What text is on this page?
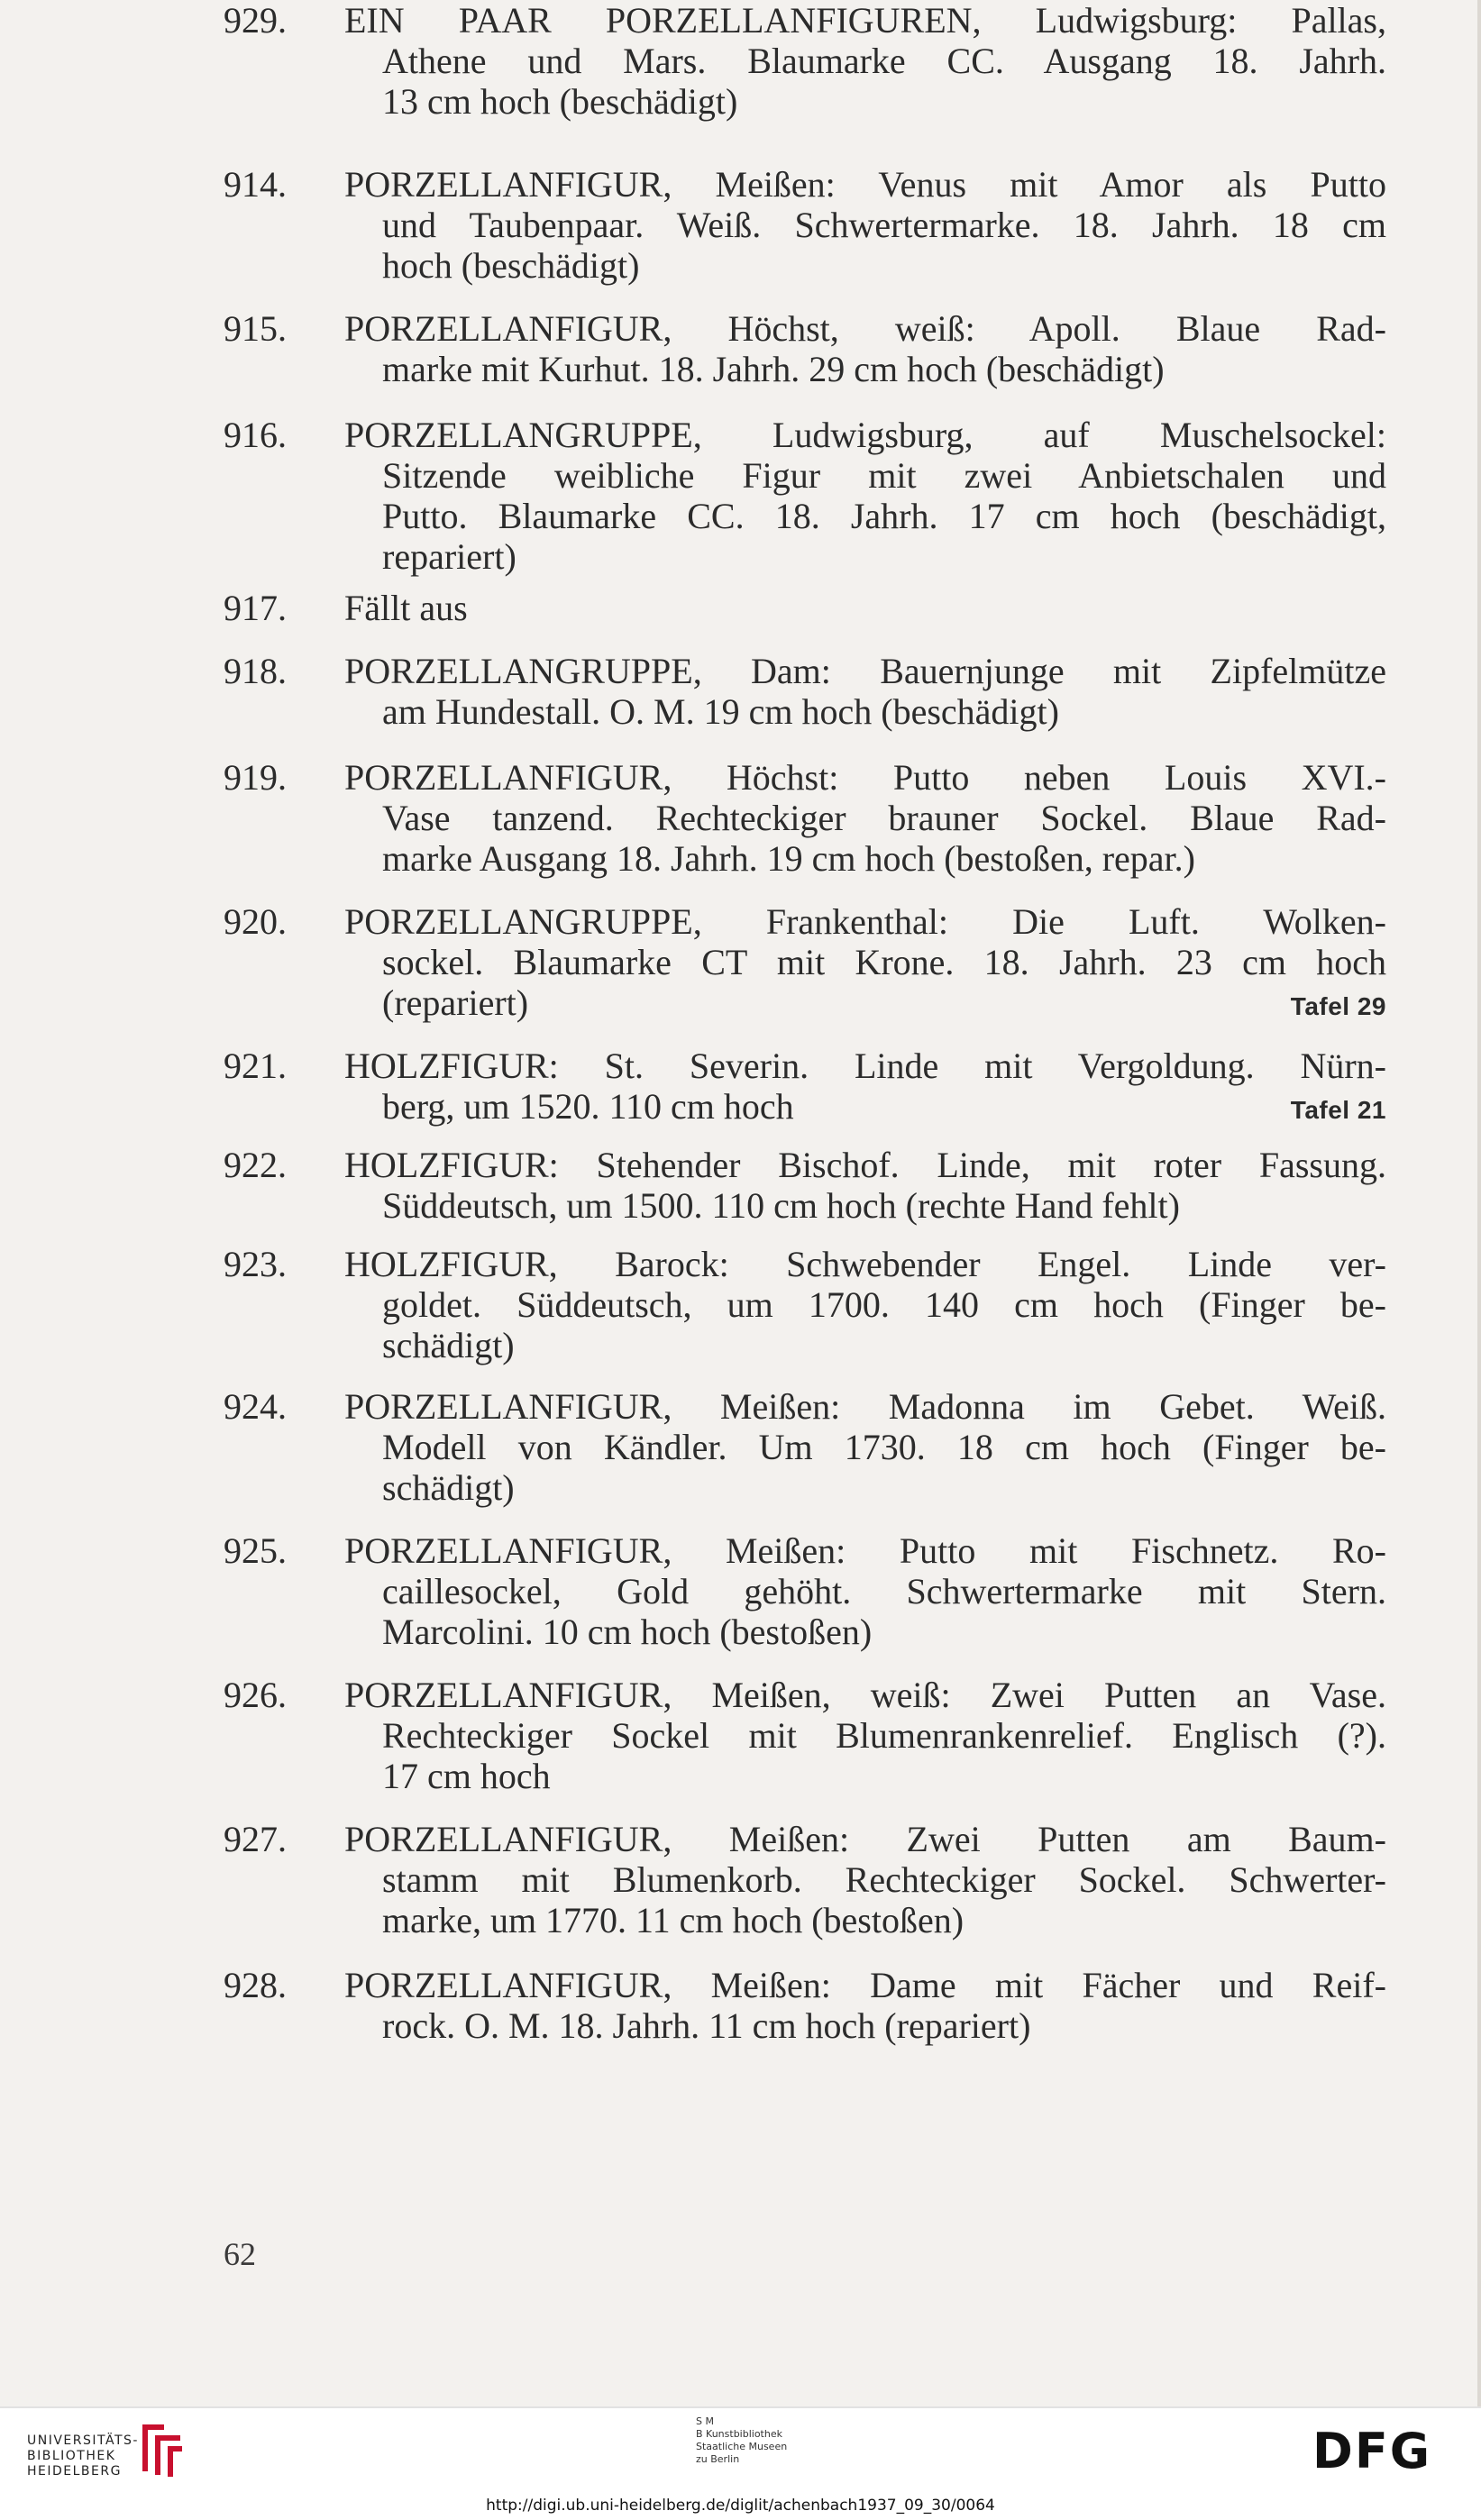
914.	PORZELLANFIGUR, Meißen: Venus mit Amor als Putto
und Taubenpaar. Weiß. Schwertermarke. 18. Jahrh. 18 cm
hoch (beschädigt)
915.	PORZELLANFIGUR, Höchst, weiß: Apoll. Blaue Rad-
marke mit Kurhut. 18. Jahrh. 29 cm hoch (beschädigt)
916.	PORZELLANGRUPPE, Ludwigsburg, auf Muschelsockel:
Sitzende weibliche Figur mit zwei Anbietschalen und
Putto. Blaumarke CC. 18. Jahrh. 17 cm hoch (beschädigt,
repariert)
917.	Fällt aus
918.	PORZELLANGRUPPE, Dam: Bauernjunge mit Zipfelmütze
am Hundestall. O. M. 19 cm hoch (beschädigt)
919.	PORZELLANFIGUR, Höchst: Putto neben Louis XVI.-
Vase tanzend. Rechteckiger brauner Sockel. Blaue Rad-
marke Ausgang 18. Jahrh. 19 cm hoch (bestoßen, repar.)
920.	PORZELLANGRUPPE, Frankenthal: Die Luft. Wolken-
sockel. Blaumarke CT mit Krone. 18. Jahrh. 23 cm hoch
(repariert)	Tafel 29
921.	HOLZFIGUR: St. Severin. Linde mit Vergoldung. Nürn-
berg, um 1520. 110 cm hoch	Tafel 21
922.	HOLZFIGUR: Stehender Bischof. Linde, mit roter Fassung.
Süddeutsch, um 1500. 110 cm hoch (rechte Hand fehlt)
923.	HOLZFIGUR, Barock: Schwebender Engel. Linde ver-
goldet. Süddeutsch, um 1700. 140 cm hoch (Finger be-
schädigt)
924.	PORZELLANFIGUR, Meißen: Madonna im Gebet. Weiß.
Modell von Kändler. Um 1730. 18 cm hoch (Finger be-
schädigt)
925.	PORZELLANFIGUR, Meißen: Putto mit Fischnetz. Ro-
caillesockel, Gold gehöht. Schwertermarke mit Stern.
Marcolini. 10 cm hoch (bestoßen)
926.	PORZELLANFIGUR, Meißen, weiß: Zwei Putten an Vase.
Rechteckiger Sockel mit Blumenrankenrelief. Englisch (?).
17 cm hoch
927.	PORZELLANFIGUR, Meißen: Zwei Putten am Baum-
stamm mit Blumenkorb. Rechteckiger Sockel. Schwerter-
marke, um 1770. 11 cm hoch (bestoßen)
928.	PORZELLANFIGUR, Meißen: Dame mit Fächer und Reif-
rock. O. M. 18. Jahrh. 11 cm hoch (repariert)
929.	EIN PAAR PORZELLANFIGUREN, Ludwigsburg: Pallas,
Athene und Mars. Blaumarke CC. Ausgang 18. Jahrh.
13 cm hoch (beschädigt)
62
UNIVERSITÄTS-
BIBLIOTHEK
HEIDELBERG
S M
B Kunstbibliothek
Staatliche Museen
zu Berlin	DFG
http://digi.ub.uni-heidelberg.de/diglit/achenbach1937_09_30/0064
